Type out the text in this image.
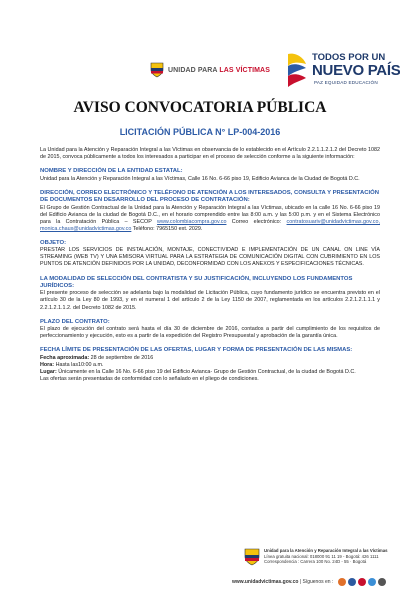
UNIDAD PARA LAS VÍCTIMAS
TODOS POR UN
NUEVO PAÍS
PAZ EQUIDAD EDUCACIÓN
AVISO CONVOCATORIA PÚBLICA
LICITACIÓN PÚBLICA N° LP-004-2016

La Unidad para la Atención y Reparación Integral a las Víctimas en observancia de lo establecido en el Artículo 2.2.1.1.2.1.2 del Decreto 1082 de 2015, convoca públicamente a todos los interesados a participar en el proceso de selección conforme a la siguiente información:

NOMBRE Y DIRECCIÓN DE LA ENTIDAD ESTATAL:

Unidad para la Atención y Reparación Integral a las Víctimas, Calle 16 No. 6-66 piso 19, Edificio Avianca de la Ciudad de Bogotá D.C.

DIRECCIÓN, CORREO ELECTRÓNICO Y TELÉFONO DE ATENCIÓN A LOS INTERESADOS, CONSULTA Y PRESENTACIÓN DE DOCUMENTOS EN DESARROLLO DEL PROCESO DE CONTRATACIÓN:

El Grupo de Gestión Contractual de la Unidad para la Atención y Reparación Integral a las Víctimas, ubicado en la calle 16 No. 6-66 piso 19 del Edificio Avianca de la ciudad de Bogotá D.C., en el horario comprendido entre las 8:00 a.m. y las 5:00 p.m. y en el Sistema Electrónico para la Contratación Pública – SECOP www.colombiacompra.gov.co Correo electrónico: contratosuariv@unidadvictimas.gov.co, monica.chaux@unidadvictimas.gov.co Teléfono: 7965150 ext. 2029.

OBJETO:

PRESTAR LOS SERVICIOS DE INSTALACIÓN, MONTAJE, CONECTIVIDAD E IMPLEMENTACIÓN DE UN CANAL ON LINE VÍA STREAMING (WEB TV) Y UNA EMISORA VIRTUAL PARA LA ESTRATEGIA DE COMUNICACIÓN DIGITAL CON CUBRIMIENTO EN LOS PUNTOS DE ATENCIÓN DEFINIDOS POR LA UNIDAD, DECONFORMIDAD CON LOS ANEXOS Y ESPECIFICACIONES TÉCNICAS.

LA MODALIDAD DE SELECCIÓN DEL CONTRATISTA Y SU JUSTIFICACIÓN, INCLUYENDO LOS FUNDAMENTOS JURÍDICOS:

El presente proceso de selección se adelanta bajo la modalidad de Licitación Pública, cuyo fundamento jurídico se encuentra previsto en el artículo 30 de la Ley 80 de 1993, y en el numeral 1 del artículo 2 de la Ley 1150 de 2007, reglamentada en los artículos 2.2.1.2.1.1.1 y 2.2.1.2.1.1.2. del Decreto 1082 de 2015.

PLAZO DEL CONTRATO:

El plazo de ejecución del contrato será hasta el día 30 de diciembre de 2016, contados a partir del cumplimiento de los requisitos de perfeccionamiento y ejecución, esto es a partir de la expedición del Registro Presupuestal y aprobación de la garantía única.

FECHA LÍMITE DE PRESENTACIÓN DE LAS OFERTAS, LUGAR Y FORMA DE PRESENTACIÓN DE LAS MISMAS:

Fecha aproximada: 28 de septiembre de 2016

Hora: Hasta las10:00 a.m.

Lugar: Únicamente en la Calle 16 No. 6-66 piso 19 del Edificio Avianca- Grupo de Gestión Contractual, de la ciudad de Bogotá D.C.

Las ofertas serán presentadas de conformidad con lo señalado en el pliego de condiciones.

Unidad para la Atención y Reparación Integral a las Víctimas
Línea gratuita nacional: 018000 91 11 19 - Bogotá: 426 1111
Correspondencia : Carrera 100 No. 24D - 55 · Bogotá
www.unidadvictimas.gov.co
| Síguenos en :
